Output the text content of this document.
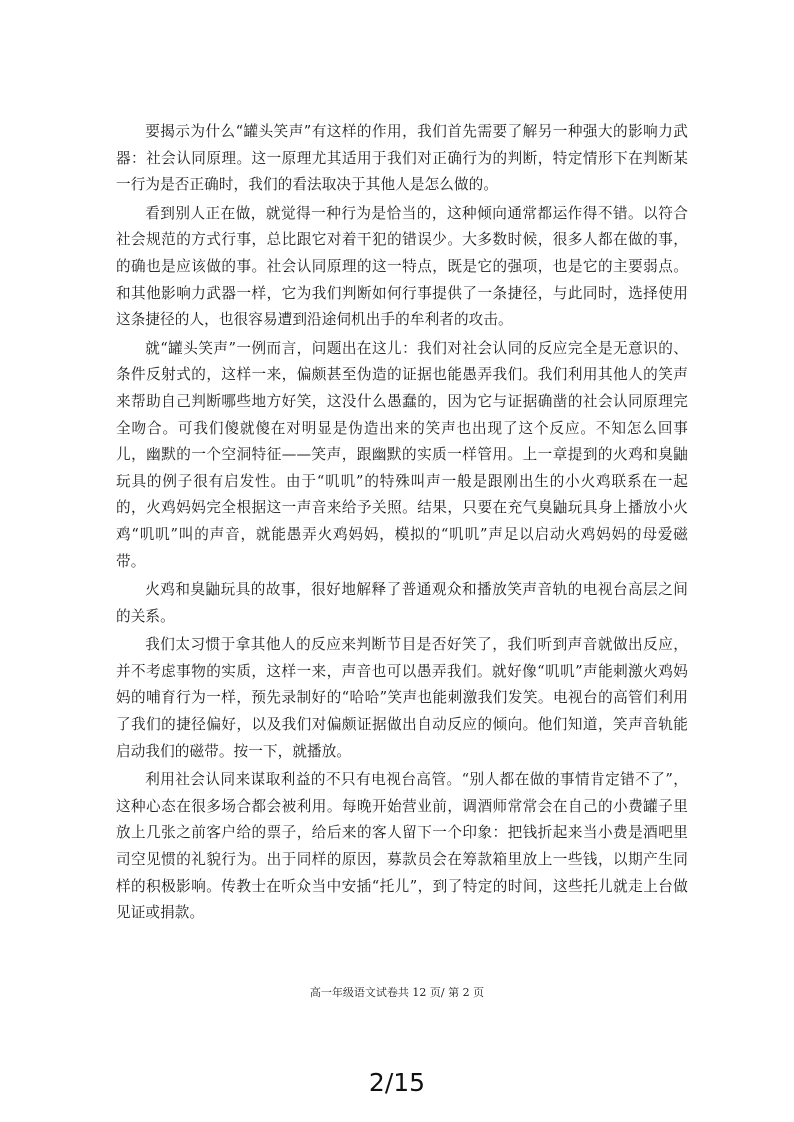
要揭示为什么“罐头笑声”有这样的作用，我们首先需要了解另一种强大的影响力武器：社会认同原理。这一原理尤其适用于我们对正确行为的判断，特定情形下在判断某一行为是否正确时，我们的看法取决于其他人是怎么做的。

看到别人正在做，就觉得一种行为是恰当的，这种倾向通常都运作得不错。以符合社会规范的方式行事，总比跟它对着干犯的错误少。大多数时候，很多人都在做的事，的确也是应该做的事。社会认同原理的这一特点，既是它的强项，也是它的主要弱点。和其他影响力武器一样，它为我们判断如何行事提供了一条捷径，与此同时，选择使用这条捷径的人，也很容易遭到沿途伺机出手的牟利者的攻击。

就“罐头笑声”一例而言，问题出在这儿：我们对社会认同的反应完全是无意识的、条件反射式的，这样一来，偏颇甚至伪造的证据也能愚弄我们。我们利用其他人的笑声来帮助自己判断哪些地方好笑，这没什么愚蠢的，因为它与证据确凿的社会认同原理完全吻合。可我们傻就傻在对明显是伪造出来的笑声也出现了这个反应。不知怎么回事儿，幽默的一个空洞特征——笑声，跟幽默的实质一样管用。上一章提到的火鸡和臭鼬玩具的例子很有启发性。由于“叽叽”的特殊叫声一般是跟刚出生的小火鸡联系在一起的，火鸡妈妈完全根据这一声音来给予关照。结果，只要在充气臭鼬玩具身上播放小火鸡“叽叽”叫的声音，就能愚弄火鸡妈妈，模拟的“叽叽”声足以启动火鸡妈妈的母爱磁带。

火鸡和臭鼬玩具的故事，很好地解释了普通观众和播放笑声音轨的电视台高层之间的关系。

我们太习惯于拿其他人的反应来判断节目是否好笑了，我们听到声音就做出反应，并不考虑事物的实质，这样一来，声音也可以愚弄我们。就好像“叽叽”声能刺激火鸡妈妈的哺育行为一样，预先录制好的“哈哈”笑声也能刺激我们发笑。电视台的高管们利用了我们的捷径偏好，以及我们对偏颇证据做出自动反应的倾向。他们知道，笑声音轨能启动我们的磁带。按一下，就播放。

利用社会认同来谋取利益的不只有电视台高管。“别人都在做的事情肯定错不了”，这种心态在很多场合都会被利用。每晚开始营业前，调酒师常常会在自己的小费罐子里放上几张之前客户给的票子，给后来的客人留下一个印象：把钱折起来当小费是酒吧里司空见惯的礼貌行为。出于同样的原因，募款员会在筹款箱里放上一些钱，以期产生同样的积极影响。传教士在听众当中安插“托儿”，到了特定的时间，这些托儿就走上台做见证或捐款。

高一年级语文试卷共 12 页/ 第 2 页
2/15
